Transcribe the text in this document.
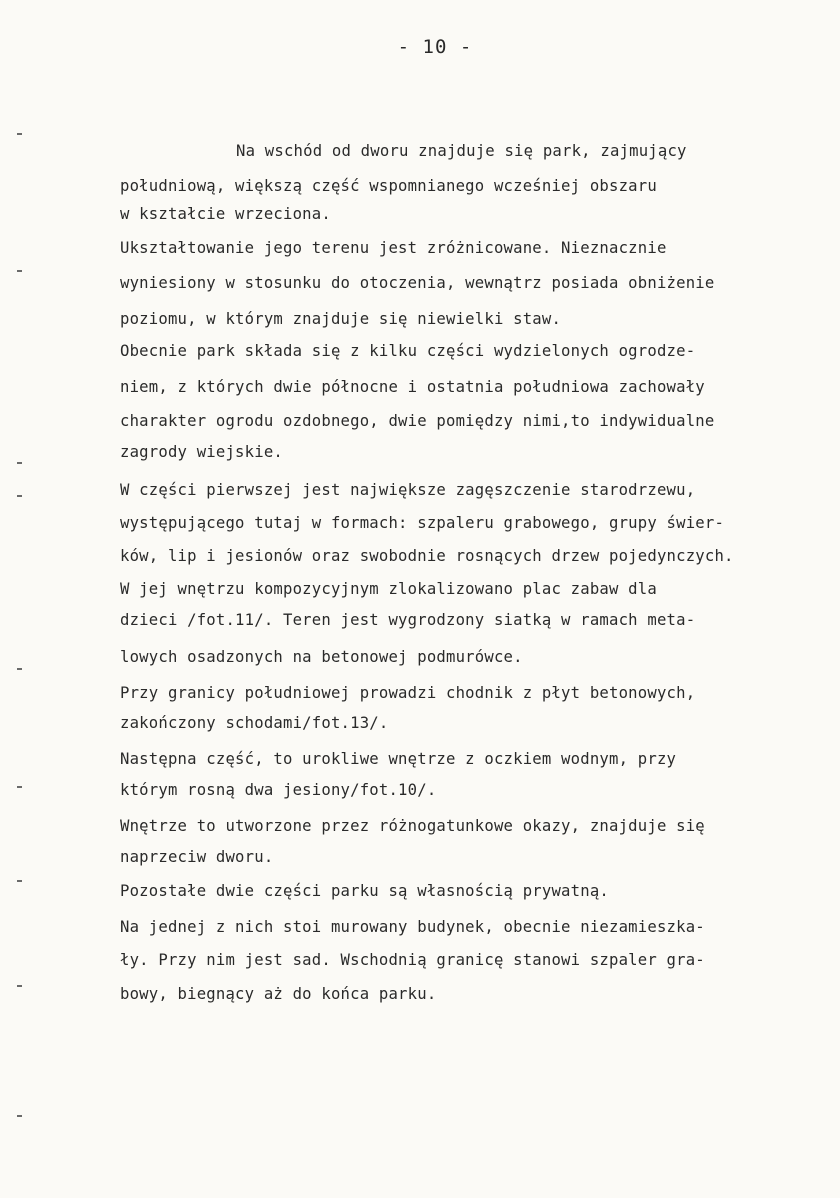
- 10 -
Na wschód od dworu znajduje się park, zajmujący
południową, większą część wspomnianego wcześniej obszaru
w kształcie wrzeciona.
Ukształtowanie jego terenu jest zróżnicowane. Nieznacznie
wyniesiony w stosunku do otoczenia, wewnątrz posiada obniżenie
poziomu, w którym znajduje się niewielki staw.
Obecnie park składa się z kilku części wydzielonych ogrodze-
niem, z których dwie północne i ostatnia południowa zachowały
charakter ogrodu ozdobnego, dwie pomiędzy nimi,to indywidualne
zagrody wiejskie.
W części pierwszej jest największe zagęszczenie starodrzewu,
występującego tutaj w formach: szpaleru grabowego, grupy świer-
ków, lip i jesionów oraz swobodnie rosnących drzew pojedynczych.
W jej wnętrzu kompozycyjnym zlokalizowano plac zabaw dla
dzieci /fot.11/. Teren jest wygrodzony siatką w ramach meta-
lowych osadzonych na betonowej podmurówce.
Przy granicy południowej prowadzi chodnik z płyt betonowych,
zakończony schodami/fot.13/.
Następna część, to urokliwe wnętrze z oczkiem wodnym, przy
którym rosną dwa jesiony/fot.10/.
Wnętrze to utworzone przez różnogatunkowe okazy, znajduje się
naprzeciw dworu.
Pozostałe dwie części parku są własnością prywatną.
Na jednej z nich stoi murowany budynek, obecnie niezamieszka-
ły. Przy nim jest sad. Wschodnią granicę stanowi szpaler gra-
bowy, biegnący aż do końca parku.
